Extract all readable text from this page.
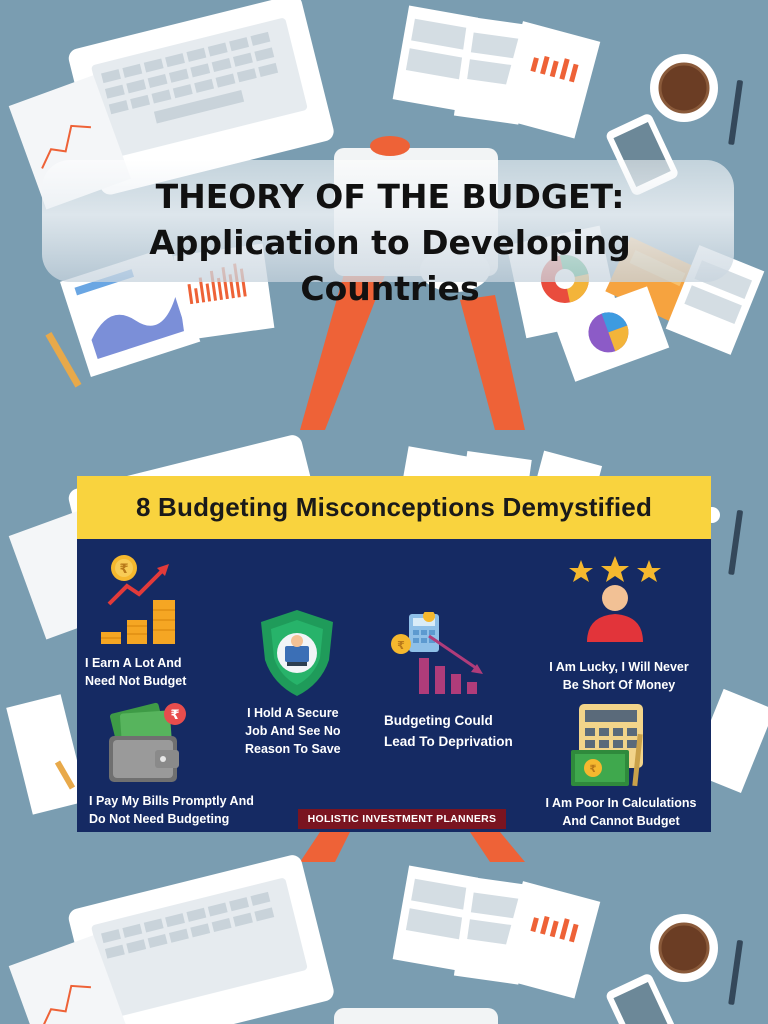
THEORY OF THE BUDGET:
Application to Developing
Countries
8 Budgeting Misconceptions Demystified
₹
I Earn A Lot And
Need Not Budget
₹
I Pay My Bills Promptly And
Do Not Need Budgeting
I Hold A Secure
Job And See No
Reason To Save
₹
Budgeting Could
Lead To Deprivation
I Am Lucky, I Will Never
Be Short Of Money
₹
I Am Poor In Calculations
And Cannot Budget
HOLISTIC INVESTMENT PLANNERS
